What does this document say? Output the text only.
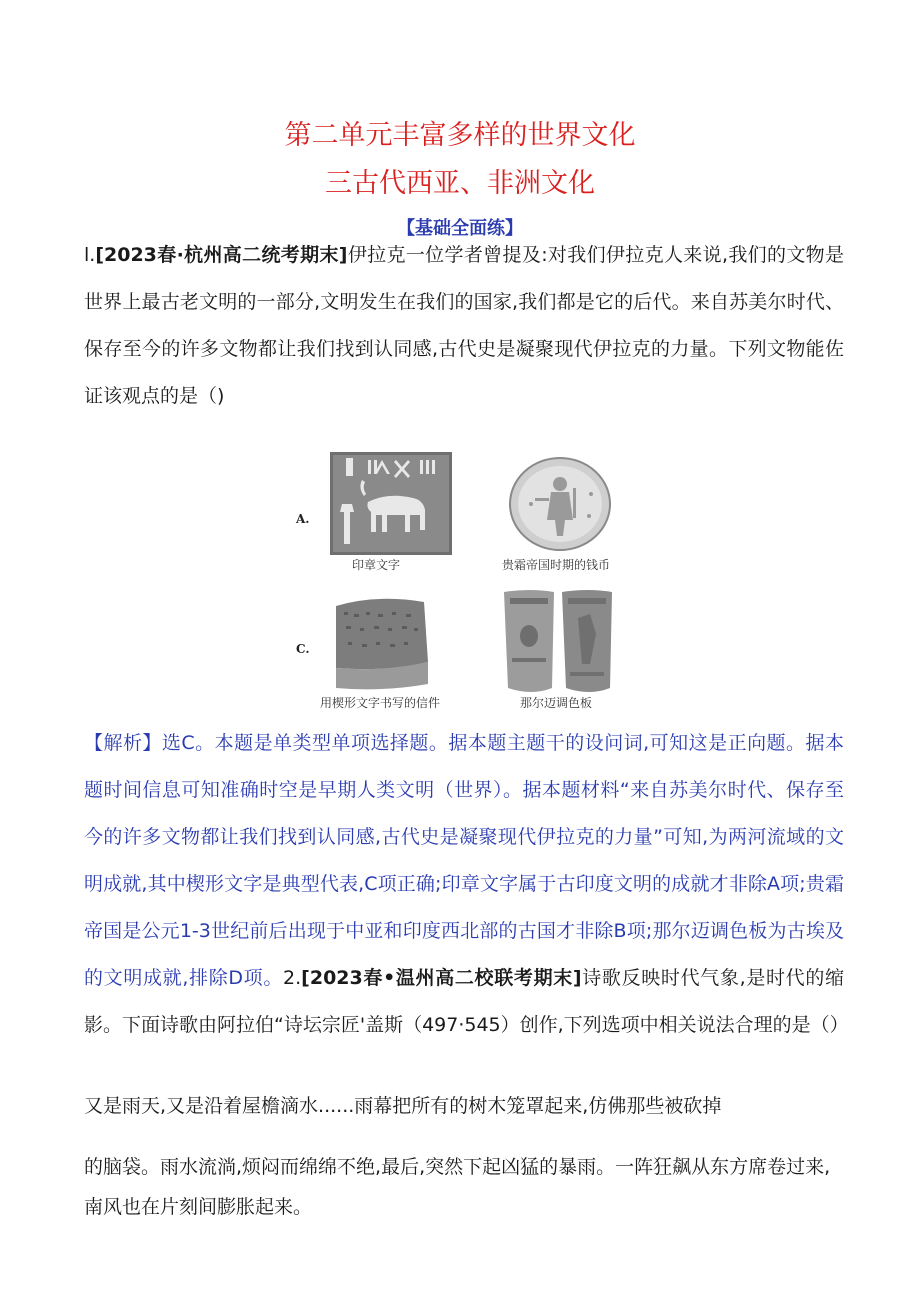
第二单元丰富多样的世界文化
三古代西亚、非洲文化
【基础全面练】
l.[2023春·杭州高二统考期末]伊拉克一位学者曾提及:对我们伊拉克人来说,我们的文物是世界上最古老文明的一部分,文明发生在我们的国家,我们都是它的后代。来自苏美尔时代、保存至今的许多文物都让我们找到认同感,古代史是凝聚现代伊拉克的力量。下列文物能佐证该观点的是（)
A.
印章文字	贵霜帝国时期的钱币
C.
用楔形文字书写的信件	那尔迈调色板
【解析】选C。本题是单类型单项选择题。据本题主题干的设问词,可知这是正向题。据本题时间信息可知准确时空是早期人类文明（世界）。据本题材料“来自苏美尔时代、保存至今的许多文物都让我们找到认同感,古代史是凝聚现代伊拉克的力量”可知,为两河流域的文明成就,其中楔形文字是典型代表,C项正确;印章文字属于古印度文明的成就才非除A项;贵霜帝国是公元1-3世纪前后出现于中亚和印度西北部的古国才非除B项;那尔迈调色板为古埃及的文明成就,排除D项。2.[2023春•温州高二校联考期末]诗歌反映时代气象,是时代的缩影。下面诗歌由阿拉伯“诗坛宗匠'盖斯（497·545）创作,下列选项中相关说法合理的是（）
又是雨天,又是沿着屋檐滴水......雨幕把所有的树木笼罩起来,仿佛那些被砍掉
的脑袋。雨水流淌,烦闷而绵绵不绝,最后,突然下起凶猛的暴雨。一阵狂飙从东方席卷过来,南风也在片刻间膨胀起来。
